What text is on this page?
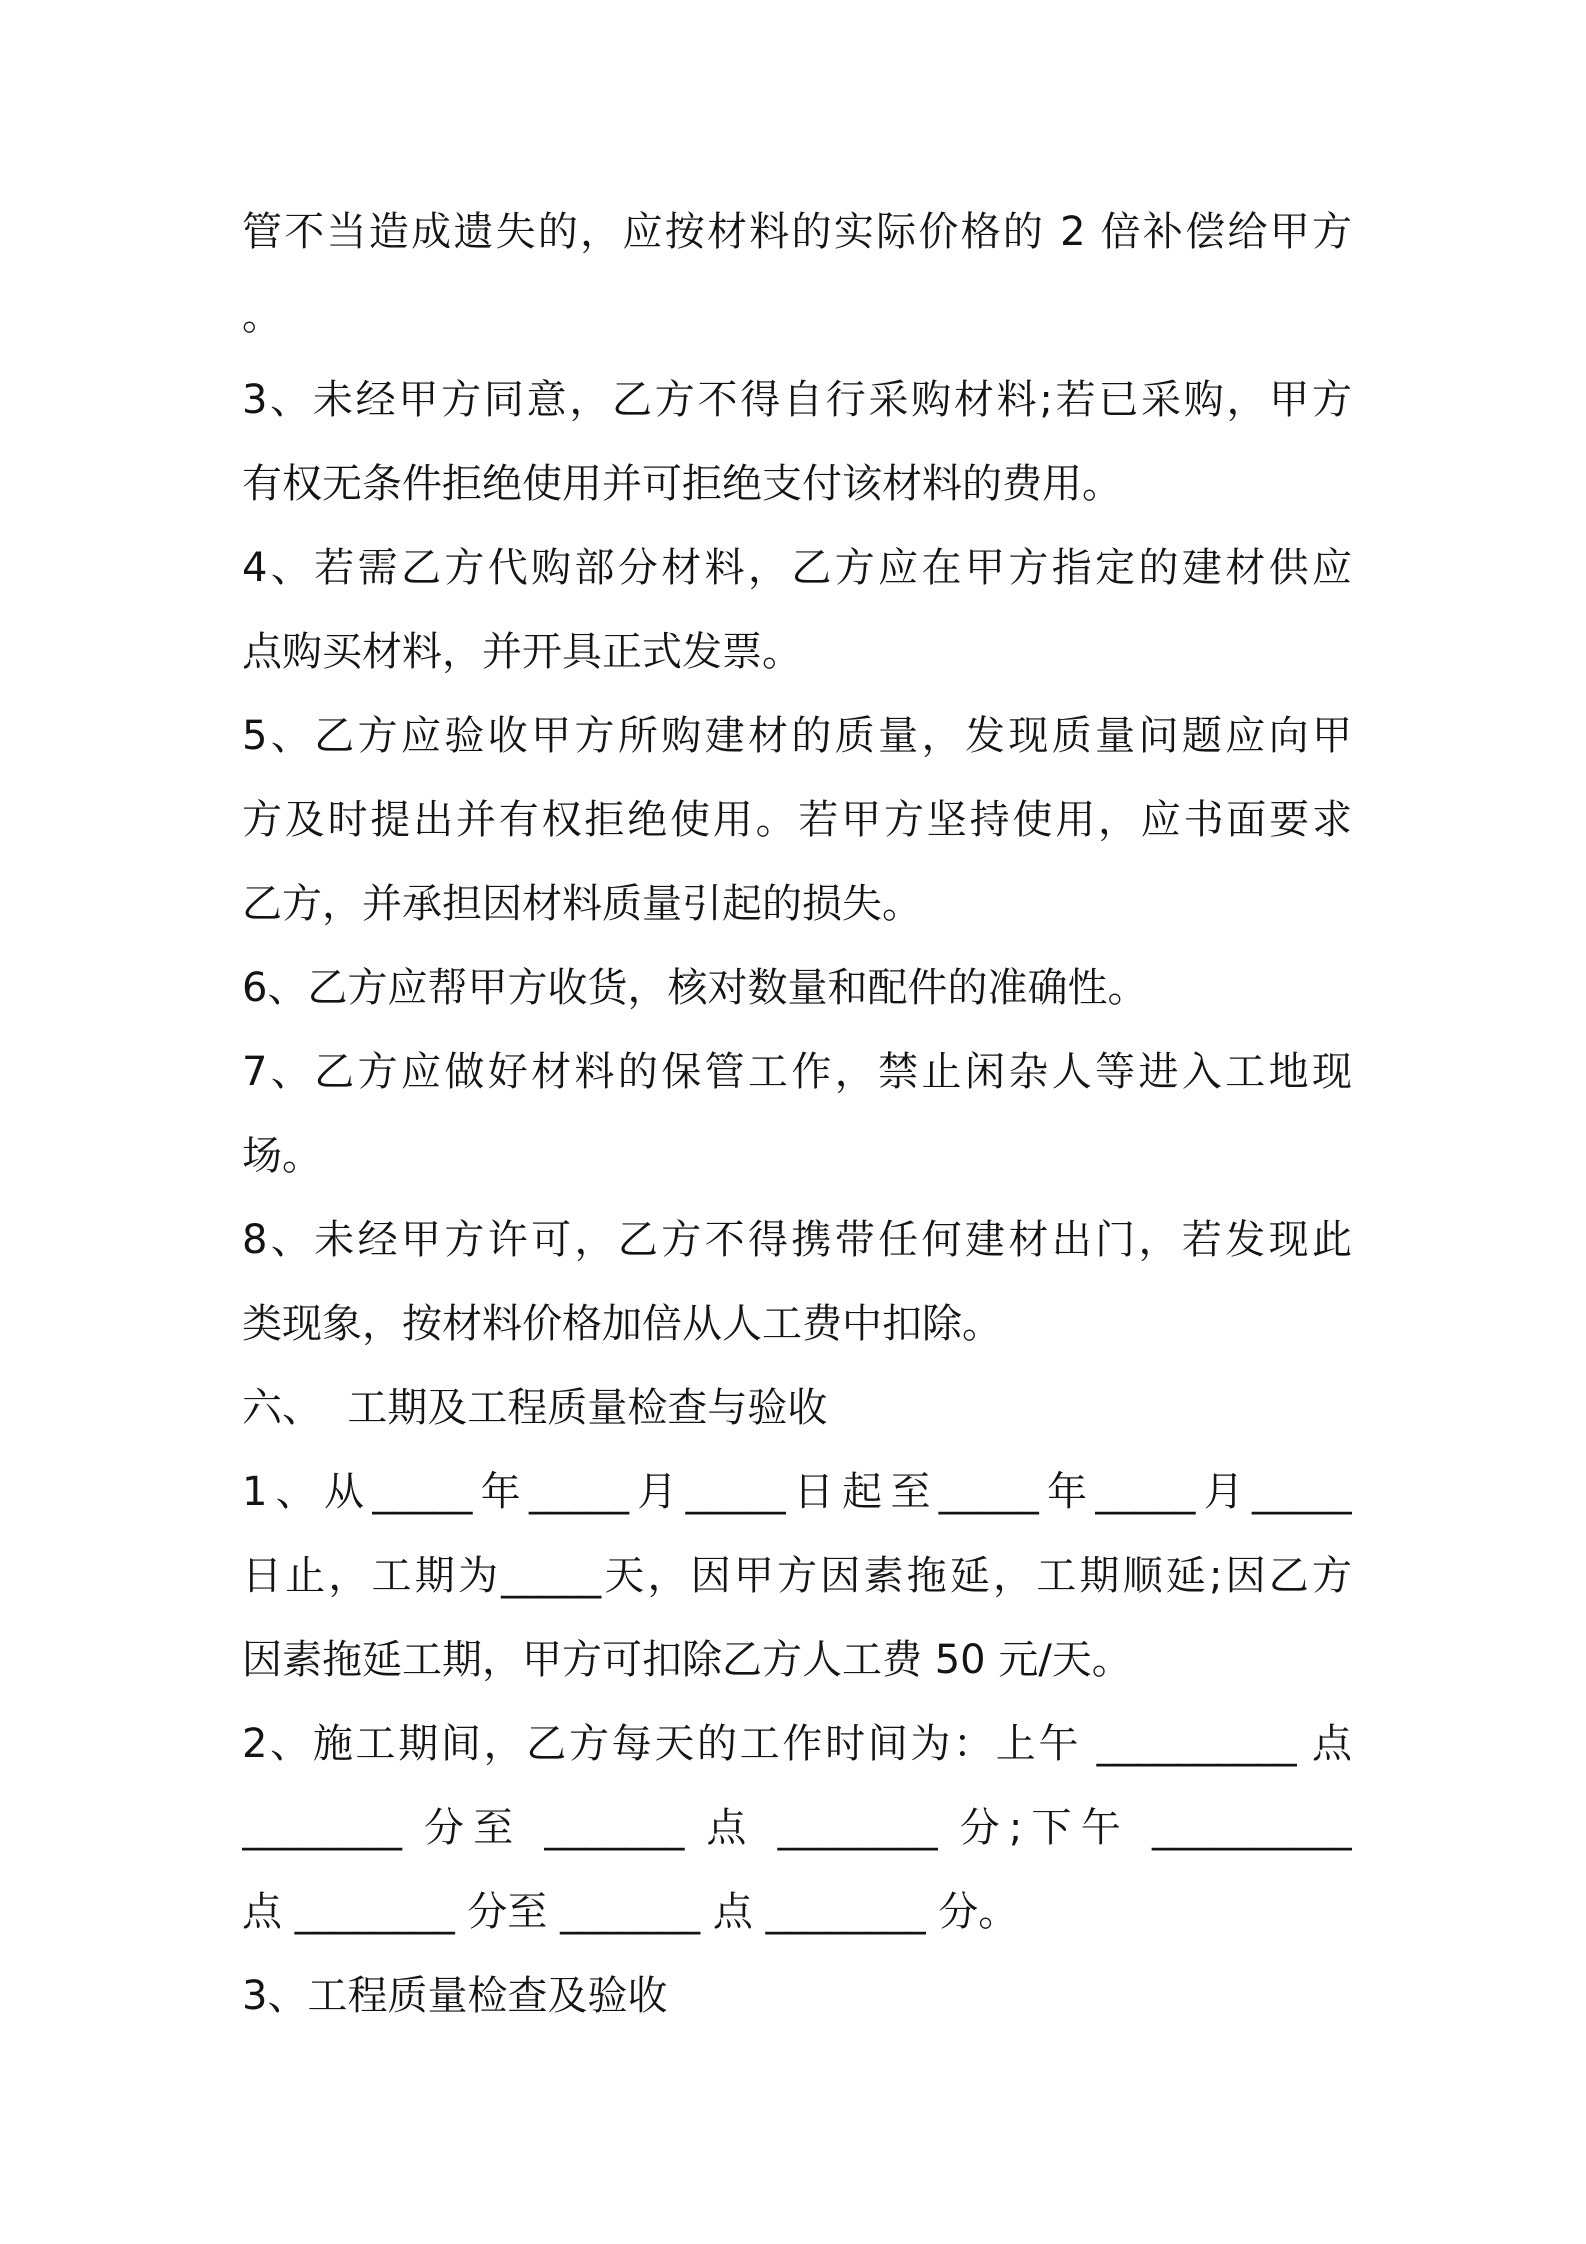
管不当造成遗失的，应按材料的实际价格的 2 倍补偿给甲方
。
3、未经甲方同意，乙方不得自行采购材料;若已采购，甲方
有权无条件拒绝使用并可拒绝支付该材料的费用。
4、若需乙方代购部分材料，乙方应在甲方指定的建材供应
点购买材料，并开具正式发票。
5、乙方应验收甲方所购建材的质量，发现质量问题应向甲
方及时提出并有权拒绝使用。若甲方坚持使用，应书面要求
乙方，并承担因材料质量引起的损失。
6、乙方应帮甲方收货，核对数量和配件的准确性。
7、乙方应做好材料的保管工作，禁止闲杂人等进入工地现
场。
8、未经甲方许可，乙方不得携带任何建材出门，若发现此
类现象，按材料价格加倍从人工费中扣除。
六、  工期及工程质量检查与验收
1、从_____年_____月_____日起至_____年_____月_____
日止，工期为_____天，因甲方因素拖延，工期顺延;因乙方
因素拖延工期，甲方可扣除乙方人工费 50 元/天。
2、施工期间，乙方每天的工作时间为：上午 __________ 点
________ 分至 _______ 点 ________ 分;下午 __________
点 ________ 分至 _______ 点 ________ 分。
3、工程质量检查及验收
